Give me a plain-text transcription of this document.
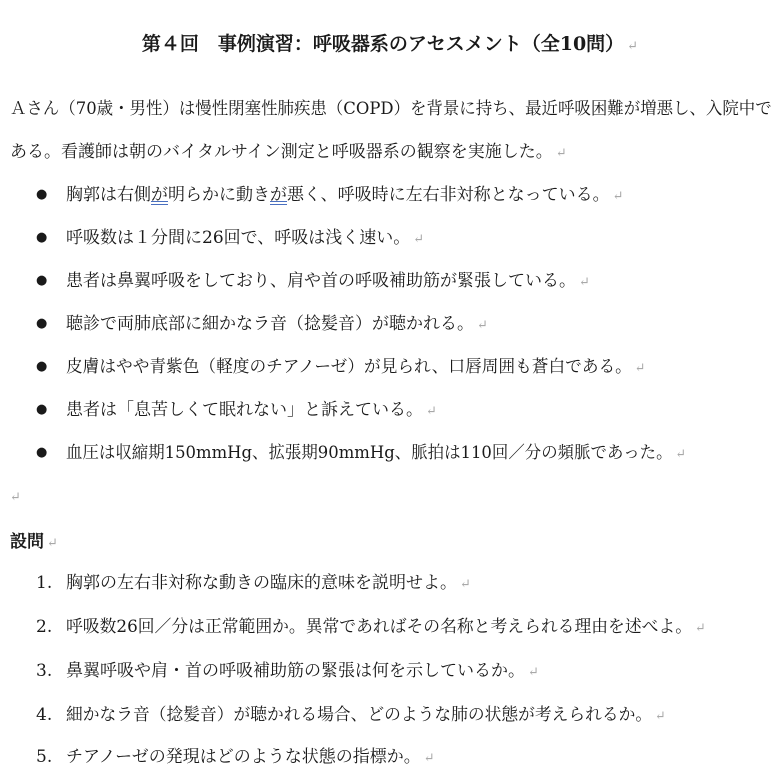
第４回　事例演習：呼吸器系のアセスメント（全10問） ↵
Ａさん（70歳・男性）は慢性閉塞性肺疾患（COPD）を背景に持ち、最近呼吸困難が増悪し、入院中で
ある。看護師は朝のバイタルサイン測定と呼吸器系の観察を実施した。 ↵
● 胸郭は右側が明らかに動きが悪く、呼吸時に左右非対称となっている。 ↵
● 呼吸数は１分間に26回で、呼吸は浅く速い。 ↵
● 患者は鼻翼呼吸をしており、肩や首の呼吸補助筋が緊張している。 ↵
● 聴診で両肺底部に細かなラ音（捻髪音）が聴かれる。 ↵
● 皮膚はやや青紫色（軽度のチアノーゼ）が見られ、口唇周囲も蒼白である。 ↵
● 患者は「息苦しくて眠れない」と訴えている。 ↵
● 血圧は収縮期150mmHg、拡張期90mmHg、脈拍は110回／分の頻脈であった。 ↵
↵
設問 ↵
1. 胸郭の左右非対称な動きの臨床的意味を説明せよ。 ↵
2. 呼吸数26回／分は正常範囲か。異常であればその名称と考えられる理由を述べよ。 ↵
3. 鼻翼呼吸や肩・首の呼吸補助筋の緊張は何を示しているか。 ↵
4. 細かなラ音（捻髪音）が聴かれる場合、どのような肺の状態が考えられるか。 ↵
5. チアノーゼの発現はどのような状態の指標か。 ↵
